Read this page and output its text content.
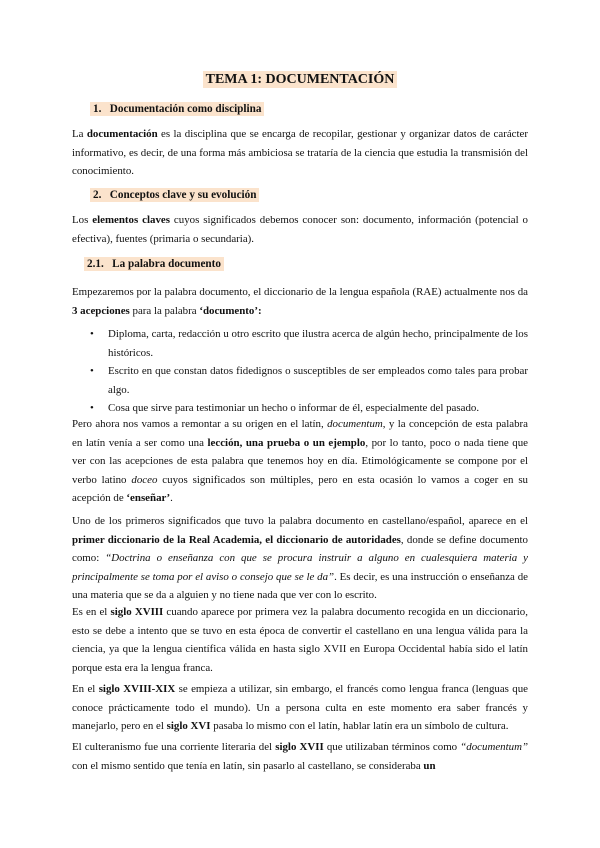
TEMA 1: DOCUMENTACIÓN
1.   Documentación como disciplina

La documentación es la disciplina que se encarga de recopilar, gestionar y organizar datos de carácter informativo, es decir, de una forma más ambiciosa se trataría de la ciencia que estudia la transmisión del conocimiento.

2.   Conceptos clave y su evolución

Los elementos claves cuyos significados debemos conocer son: documento, información (potencial o efectiva), fuentes (primaria o secundaria).

2.1.   La palabra documento

Empezaremos por la palabra documento, el diccionario de la lengua española (RAE) actualmente nos da 3 acepciones para la palabra ‘documento’:

• Diploma, carta, redacción u otro escrito que ilustra acerca de algún hecho, principalmente de los históricos.
• Escrito en que constan datos fidedignos o susceptibles de ser empleados como tales para probar algo.
• Cosa que sirve para testimoniar un hecho o informar de él, especialmente del pasado.

Pero ahora nos vamos a remontar a su origen en el latín, documentum, y la concepción de esta palabra en latín venía a ser como una lección, una prueba o un ejemplo, por lo tanto, poco o nada tiene que ver con las acepciones de esta palabra que tenemos hoy en día. Etimológicamente se compone por el verbo latino doceo cuyos significados son múltiples, pero en esta ocasión lo vamos a coger en su acepción de ‘enseñar’.

Uno de los primeros significados que tuvo la palabra documento en castellano/español, aparece en el primer diccionario de la Real Academia, el diccionario de autoridades, donde se define documento como: “Doctrina o enseñanza con que se procura instruir a alguno en cualesquiera materia y principalmente se toma por el aviso o consejo que se le da”. Es decir, es una instrucción o enseñanza de una materia que se da a alguien y no tiene nada que ver con lo escrito.

Es en el siglo XVIII cuando aparece por primera vez la palabra documento recogida en un diccionario, esto se debe a intento que se tuvo en esta época de convertir el castellano en una lengua válida para la ciencia, ya que la lengua científica válida en hasta siglo XVII en Europa Occidental había sido el latín porque esta era la lengua franca.

En el siglo XVIII-XIX se empieza a utilizar, sin embargo, el francés como lengua franca (lenguas que conoce prácticamente todo el mundo). Un a persona culta en este momento era saber francés y manejarlo, pero en el siglo XVI pasaba lo mismo con el latín, hablar latín era un símbolo de cultura.

El culteranismo fue una corriente literaria del siglo XVII que utilizaban términos como “documentum” con el mismo sentido que tenía en latín, sin pasarlo al castellano, se consideraba un
